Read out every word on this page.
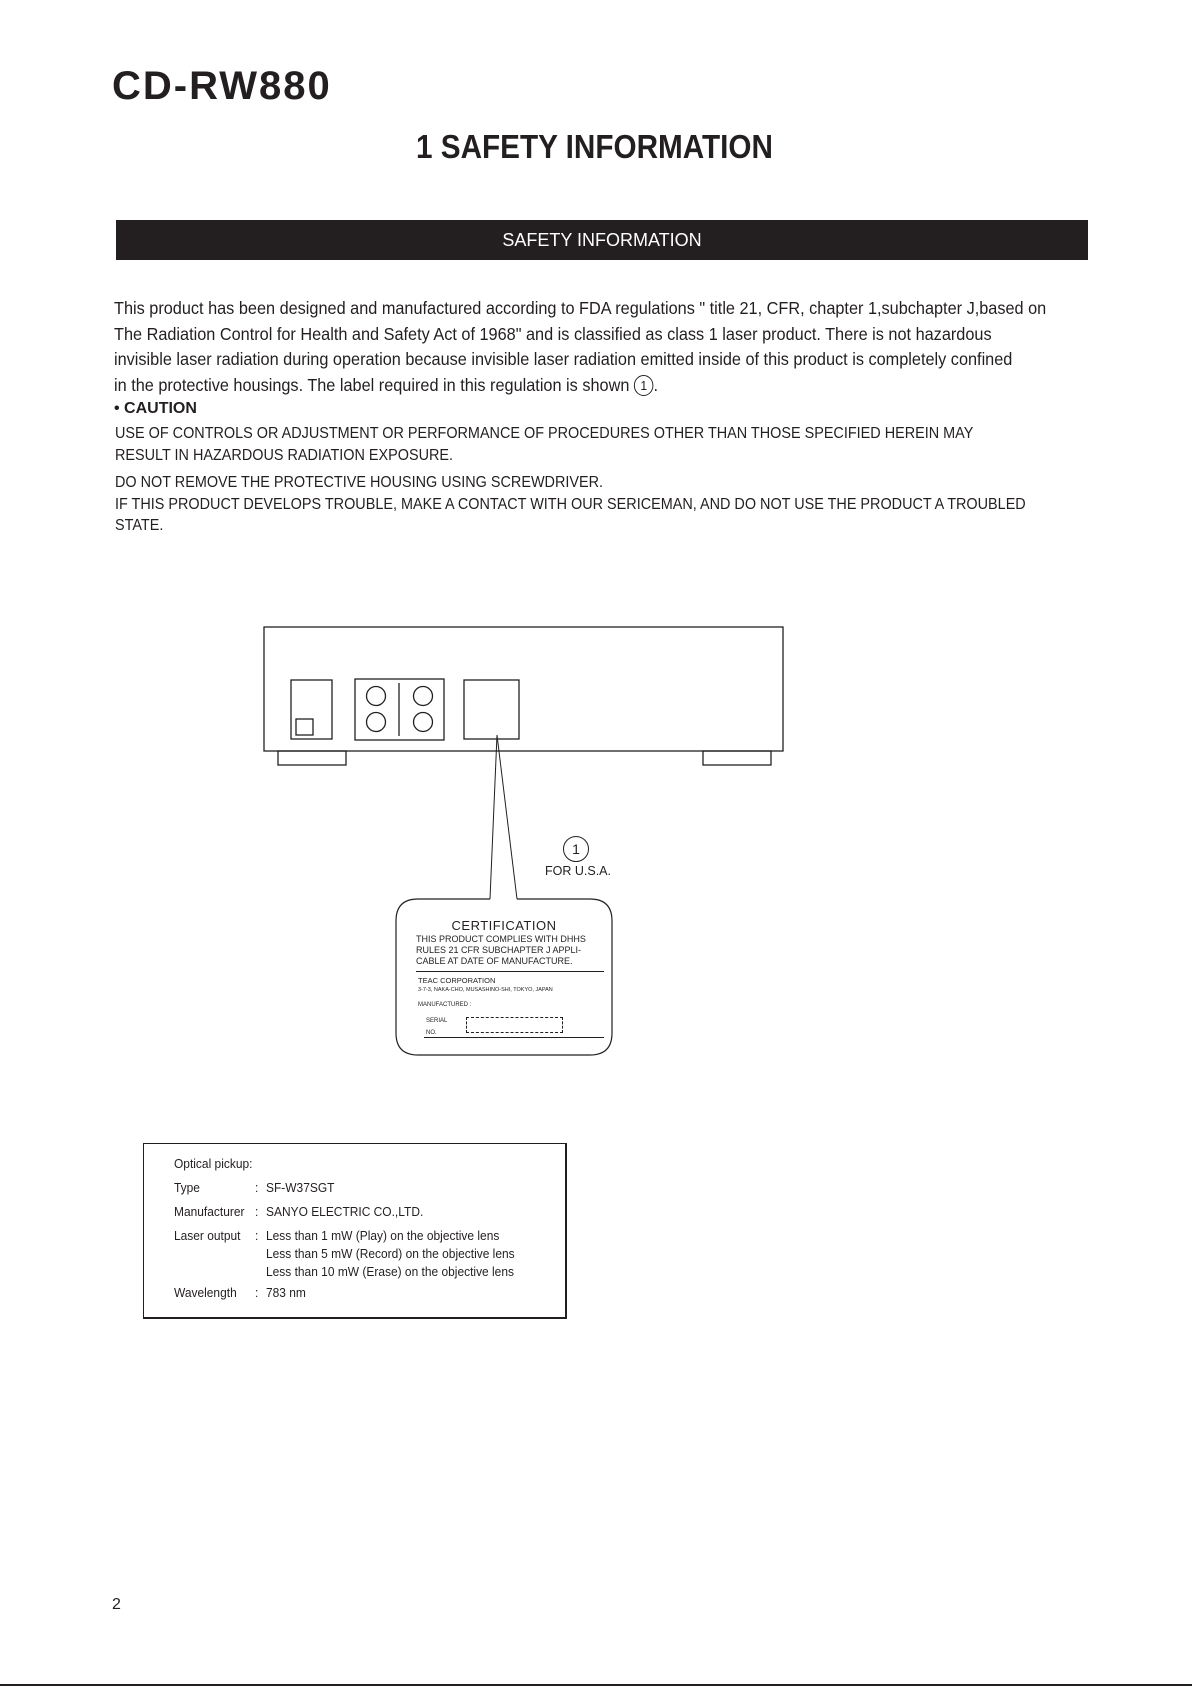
CD-RW880
1 SAFETY INFORMATION
SAFETY INFORMATION
This product has been designed and manufactured according to FDA regulations " title 21, CFR, chapter 1,subchapter J,based on
The Radiation Control for Health and Safety Act of 1968" and is classified as class 1 laser product. There is not hazardous
invisible laser radiation during operation because invisible laser radiation emitted inside of this product is completely confined
in the protective housings. The label required in this regulation is shown 1 .
• CAUTION
USE OF CONTROLS OR ADJUSTMENT OR PERFORMANCE OF PROCEDURES OTHER THAN THOSE SPECIFIED HEREIN MAY
RESULT IN HAZARDOUS RADIATION EXPOSURE.
DO NOT REMOVE THE PROTECTIVE HOUSING USING SCREWDRIVER.
IF THIS PRODUCT DEVELOPS TROUBLE, MAKE A CONTACT WITH OUR SERICEMAN, AND DO NOT USE THE PRODUCT A TROUBLED
STATE.
1
FOR U.S.A.
CERTIFICATION
THIS PRODUCT COMPLIES WITH DHHS
RULES 21 CFR SUBCHAPTER J APPLI-
CABLE AT DATE OF MANUFACTURE.
TEAC CORPORATION
3-7-3, NAKA-CHO, MUSASHINO-SHI, TOKYO, JAPAN
MANUFACTURED :
SERIAL
NO.
Optical pickup:
Type	: SF-W37SGT
Manufacturer : SANYO ELECTRIC CO.,LTD.
Laser output	: Less than 1 mW (Play) on the objective lens
Less than 5 mW (Record) on the objective lens
Less than 10 mW (Erase) on the objective lens
Wavelength	: 783 nm
2
